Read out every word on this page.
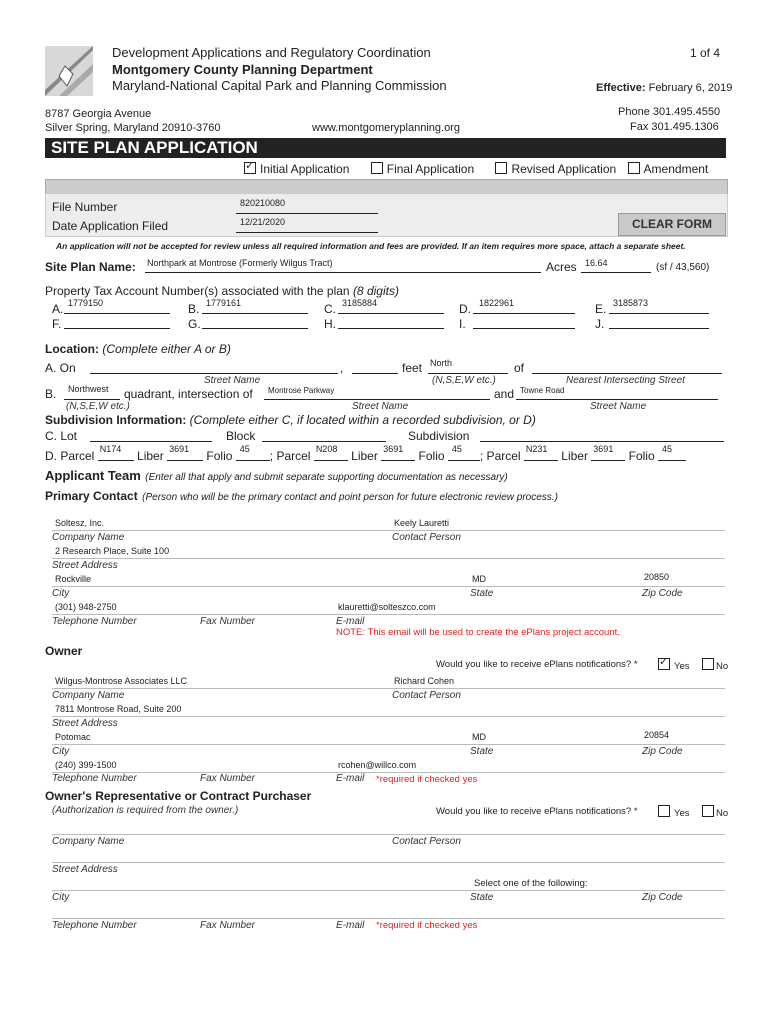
Development Applications and Regulatory Coordination
Montgomery County Planning Department
Maryland-National Capital Park and Planning Commission
1 of 4
Effective: February 6, 2019
8787 Georgia Avenue
Silver Spring, Maryland 20910-3760	www.montgomeryplanning.org
Phone 301.495.4550
Fax 301.495.1306
SITE PLAN APPLICATION
✓Initial Application	Final Application	Revised Application Amendment
File Number	820210080
Date Application Filed	12/21/2020	CLEAR FORM
An application will not be accepted for review unless all required information and fees are provided. If an item requires more space, attach a separate sheet.
Site Plan Name: Northpark at Montrose (Formerly Wilgus Tract)	Acres 16.64	(sf / 43,560)
Property Tax Account Number(s) associated with the plan (8 digits)
A. 1779150	B. 1779161	C. 3185884	D. 1822961	E. 3185873
F.	G.	H.	I.	J.
Location: (Complete either A or B)
A. On	,	feet North	of
Street Name	(N,S,E,W etc.)	Nearest Intersecting Street
B. Northwest quadrant, intersection of Montrose Parkway	and Towne Road
(N,S,E,W etc.)	Street Name	Street Name
Subdivision Information: (Complete either C, if located within a recorded subdivision, or D)
C. Lot	Block	Subdivision
D. Parcel N174 Liber 3691 Folio 45 ; Parcel N208 Liber 3691 Folio 45 ; Parcel N231 Liber 3691 Folio 45
Applicant Team (Enter all that apply and submit separate supporting documentation as necessary)
Primary Contact (Person who will be the primary contact and point person for future electronic review process.)
Soltesz, Inc.	Keely Lauretti
Company Name	Contact Person
2 Research Place, Suite 100
Street Address
Rockville	MD	20850
City	State	Zip Code
(301) 948-2750	klauretti@solteszco.com
Telephone Number	Fax Number	E-mail
NOTE: This email will be used to create the ePlans project account.
Owner
Would you like to receive ePlans notifications? *
✓	Yes	No
Wilgus-Montrose Associates LLC	Richard Cohen
Company Name	Contact Person
7811 Montrose Road, Suite 200
Street Address
Potomac	MD	20854
City	State	Zip Code
(240) 399-1500	rcohen@willco.com
Telephone Number	Fax Number	E-mail *required if checked yes
Owner's Representative or Contract Purchaser
(Authorization is required from the owner.)	Would you like to receive ePlans notifications? *	Yes	No
Company Name	Contact Person
Street Address
Select one of the following:
City	State	Zip Code
Telephone Number	Fax Number	E-mail *required if checked yes
